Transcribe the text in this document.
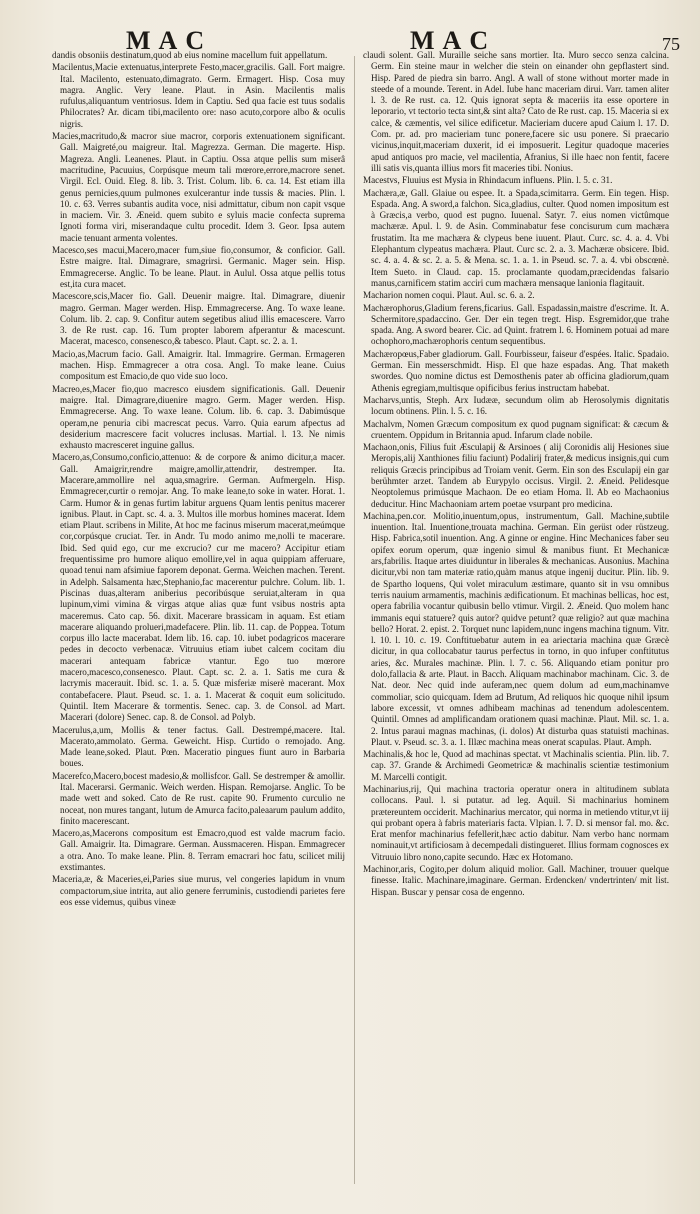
MAC	MAC	75

dandis obsoniis destinatum,quod ab eius nomine macellum fuit appellatum.

Macilentus,Macie extenuatus,interprete Festo,macer,gracilis. Gall. Fort maigre. Ital. Macilento, estenuato,dimagrato. Germ. Ermagert. Hisp. Cosa muy magra. Anglic. Very leane. Plaut. in Asin. Macilentis malis rufulus,aliquantum ventriosus. Idem in Captiu. Sed qua facie est tuus sodalis Philocrates? Ar. dicam tibi,macilento ore: naso acuto,corpore albo & oculis nigris.

Macies,macritudo,& macror siue macror, corporis extenuationem significant. Gall. Maigreté,ou maigreur. Ital. Magrezza. German. Die magerte. Hisp. Magreza. Angli. Leanenes. Plaut. in Captiu. Ossa atque pellis sum miserâ macritudine, Pacuuius, Corpúsque meum tali mœrore,errore,macrore senet. Virgil. Ecl. Ouid. Eleg. 8. lib. 3. Trist. Colum. lib. 6. ca. 14. Est etiam illa genus pernicies,quum pulmones exulcerantur inde tussis & macies. Plin. l. 10. c. 63. Verres subantis audita voce, nisi admittatur, cibum non capit vsque in maciem. Vir. 3. Æneid. quem subito e syluis macie confecta suprema Ignoti forma viri, miserandaque cultu procedit. Idem 3. Geor. Ipsa autem macie tenuant armenta volentes.

Macesco,ses macui,Macero,macer fum,siue fio,consumor, & conficior. Gall. Estre maigre. Ital. Dimagrare, smagrirsi. Germanic. Mager sein. Hisp. Emmagrecerse. Anglic. To be leane. Plaut. in Aulul. Ossa atque pellis totus est,ita cura macet.

Macescore,scis,Macer fio. Gall. Deuenir maigre. Ital. Dimagrare, diuenir magro. German. Mager werden. Hisp. Emmagrecerse. Ang. To waxe leane. Colum. lib. 2. cap. 9. Confitur autem segetibus aliud illis emacescere. Varro 3. de Re rust. cap. 16. Tum propter laborem afperantur & macescunt. Macerat, macesco, consenesco,& tabesco. Plaut. Capt. sc. 2. a. 1.

Macio,as,Macrum facio. Gall. Amaigrir. Ital. Immagrire. German. Ermageren machen. Hisp. Emmagrecer a otra cosa. Angl. To make leane. Cuius compositum est Emacio,de quo vide suo loco.

Macreo,es,Macer fio,quo macresco eiusdem significationis. Gall. Deuenir maigre. Ital. Dimagrare,diuenire magro. Germ. Mager werden. Hisp. Emmagrecerse. Ang. To waxe leane. Colum. lib. 6. cap. 3. Dabimúsque operam,ne penuria cibi macrescat pecus. Varro. Quia earum afpectus ad desiderium macrescere facit volucres inclusas. Martial. l. 13. Ne nimis exhausto macresceret inguine gallus.

Macero,as,Consumo,conficio,attenuo: & de corpore & animo dicitur,a macer. Gall. Amaigrir,rendre maigre,amollir,attendrir, destremper. Ita. Macerare,ammollire nel aqua,smagrire. German. Aufmergeln. Hisp. Emmagrecer,curtir o remojar. Ang. To make leane,to soke in water. Horat. 1. Carm. Humor & in genas furtim labitur arguens Quam lentis penitus macerer ignibus. Plaut. in Capt. sc. 4. a. 3. Multos ille morbus homines macerat. Idem etiam Plaut. scribens in Milite, At hoc me facinus miserum macerat,meúmque cor,corpúsque cruciat. Ter. in Andr. Tu modo animo me,nolli te macerare. Ibid. Sed quid ego, cur me excrucio? cur me macero? Accipitur etiam frequentissime pro humore aliquo emollire,vel in aqua quippiam afferuare, quoad tenui nam afsimiue faporem deponat. Germa. Weichen machen. Terent. in Adelph. Salsamenta hæc,Stephanio,fac macerentur pulchre. Colum. lib. 1. Piscinas duas,alteram aniberius pecoribúsque seruiat,alteram in qua lupinum,vimi vimina & virgas atque alias quæ funt vsibus nostris apta maceremus. Cato cap. 56. dixit. Macerare brassicam in aquam. Est etiam macerare aliquando prolueri,madefacere. Plin. lib. 11. cap. de Poppea. Totum corpus illo lacte macerabat. Idem lib. 16. cap. 10. iubet podagricos macerare pedes in decocto verbenacæ. Vitruuius etiam iubet calcem cocitam diu macerari antequam fabricæ vtantur. Ego tuo mœrore macero,macesco,consenesco. Plaut. Capt. sc. 2. a. 1. Satis me cura & lacrymis macerauit. Ibid. sc. 1. a. 5. Quæ misferiæ miserè macerant. Mox contabefacere. Plaut. Pseud. sc. 1. a. 1. Macerat & coquit eum solicitudo. Quintil. Item Macerare & tormentis. Senec. cap. 3. de Consol. ad Mart. Macerari (dolore) Senec. cap. 8. de Consol. ad Polyb.

Macerulus,a,um, Mollis & tener factus. Gall. Destrempé,macere. Ital. Macerato,ammolato. Germa. Geweicht. Hisp. Curtido o remojado. Ang. Made leane,soked. Plaut. Pœn. Maceratio pingues fiunt auro in Barbaria boues.

Macerefco,Macero,bocest madesio,& mollisfcor. Gall. Se destremper & amollir. Ital. Macerarsi. Germanic. Weich werden. Hispan. Remojarse. Anglic. To be made wett and soked. Cato de Re rust. capite 90. Frumento curculio ne noceat, non mures tangant, lutum de Amurca facito,paleaarum paulum addito, finito macerescant.

Macero,as,Macerons compositum est Emacro,quod est valde macrum facio. Gall. Amaigrir. Ita. Dimagrare. German. Aussmaceren. Hispan. Emmagrecer a otra. Ano. To make leane. Plin. 8. Terram emacrari hoc fatu, scilicet milij exstimantes.

Maceria,æ, & Maceries,ei,Paries siue murus, vel congeries lapidum in vnum compactorum,siue intrita, aut alio genere ferruminis, custodiendi parietes fere eos esse videmus, quibus vineæ

claudi solent. Gall. Muraille seiche sans mortier. Ita. Muro secco senza calcina. Germ. Ein steine maur in welcher die stein on einander ohn gepflastert sind. Hisp. Pared de piedra sin barro. Angl. A wall of stone without morter made in steede of a mounde. Terent. in Adel. Iube hanc maceriam dirui. Varr. tamen aliter l. 3. de Re rust. ca. 12. Quis ignorat septa & maceriis ita esse oportere in leporario, vt tectorio tecta sint,& sint alta? Cato de Re rust. cap. 15. Maceria si ex calce, & cæmentis, vel silice edificetur. Macieriam ducere apud Caium l. 17. D. Com. pr. ad. pro macieriam tunc ponere,facere sic usu ponere. Si praecario vicinus,inquit,maceriam duxerit, id ei imposuerit. Legitur quadoque maceries apud antiquos pro macie, vel macilentia, Afranius, Si ille haec non fentit, facere illi satis vis,quanta illius mors fit maceries tibi. Nonius.

Macestvs, Fluuius est Mysia in Rhindacum influens. Plin. l. 5. c. 31.

Machæra,æ, Gall. Glaiue ou espee. It. a Spada,scimitarra. Germ. Ein tegen. Hisp. Espada. Ang. A sword,a falchon. Sica,gladius, culter. Quod nomen impositum est à Græcis,a verbo, quod est pugno. Iuuenal. Satyr. 7. eius nomen victûmque machæræ. Apul. l. 9. de Asin. Comminabatur fese concisurum cum machæra frustatim. Ita me machæra & clypeus bene iuuent. Plaut. Curc. sc. 4. a. 4. Vbi Elephantum clypeatus machæra. Plaut. Curc sc. 2. a. 3. Machæræ obsicere. Ibid. sc. 4. a. 4. & sc. 2. a. 5. & Mena. sc. 1. a. 1. in Pseud. sc. 7. a. 4. vbi obscœnè. Item Sueto. in Claud. cap. 15. proclamante quodam,præcidendas falsario manus,carnificem statim acciri cum machæra mensaque lanionia flagitauit.

Macharion nomen coqui. Plaut. Aul. sc. 6. a. 2.

Machærophorus,Gladium ferens,ficarius. Gall. Espadassin,maistre d'escrime. It. A. Schermitore,spadaccino. Ger. Der ein tegen tregt. Hisp. Esgremidor,que trahe spada. Ang. A sword bearer. Cic. ad Quint. fratrem l. 6. Hominem potuai ad mare ochophoro,machærophoris centum sequentibus.

Machæropœus,Faber gladiorum. Gall. Fourbisseur, faiseur d'espées. Italic. Spadaio. German. Ein messerschmidt. Hisp. El que haze espadas. Ang. That maketh swordes. Quo nomine dictus est Demosthenis pater ab officina gladiorum,quam Athenis egregiam,multisque opificibus ferius instructam habebat.

Macharvs,untis, Steph. Arx Iudææ, secundum olim ab Herosolymis dignitatis locum obtinens. Plin. l. 5. c. 16.

Machalvm, Nomen Græcum compositum ex quod pugnam significat: & cæcum & cruentem. Oppidum in Britannia apud. Infarum clade nobile.

Machaon,onis, Filius fuit Æsculapij & Arsinoes ( alij Coronidis alij Hesiones siue Meropis,alij Xanthiones filiu faciunt) Podalirij frater,& medicus insignis,qui cum reliquis Græcis principibus ad Troiam venit. Germ. Ein son des Esculapij ein gar berühmter arzet. Tandem ab Eurypylo occisus. Virgil. 2. Æneid. Pelidesque Neoptolemus primúsque Machaon. De eo etiam Homa. Il. Ab eo Machaonius deducitur. Hinc Machaoniam artem poetae vsurpant pro medicina.

Machina,pen.cor. Molitio,inuentum,opus, instrumentum, Gall. Machine,subtile inuention. Ital. Inuentione,trouata machina. German. Ein gerüst oder rüstzeug. Hisp. Fabrica,sotil inuention. Ang. A ginne or engine. Hinc Mechanices faber seu opifex eorum operum, quæ ingenio simul & manibus fiunt. Et Mechanicæ ars,fabrilis. Itaque artes diuiduntur in liberales & mechanicas. Ausonius. Machina dicitur,vbi non tam materiæ ratio,quàm manus atque ingenij ducitur. Plin. lib. 9. de Spartho loquens, Qui volet miraculum æstimare, quanto sit in vsu omnibus terris nauium armamentis, machinis ædificationum. Et machinas bellicas, hoc est, opera fabrilia vocantur quibusin bello vtimur. Virgil. 2. Æneid. Quo molem hanc immanis equi statuere? quis autor? quidve petunt? quæ religio? aut quæ machina bello? Horat. 2. epist. 2. Torquet nunc lapidem,nunc ingens machina tignum. Vitr. l. 10. l. 10. c. 19. Conftituebatur autem in ea ariectaria machina quæ Græcè dicitur, in qua collocabatur taurus perfectus in torno, in quo infuper conftitutus aries, &c. Murales machinæ. Plin. l. 7. c. 56. Aliquando etiam ponitur pro dolo,fallacia & arte. Plaut. in Bacch. Aliquam machinabor machinam. Cic. 3. de Nat. deor. Nec quid inde auferam,nec quem dolum ad eum,machinamve commoliar, scio quicquam. Idem ad Brutum, Ad reliquos hic quoque nihil ipsum labore excessit, vt omnes adhibeam machinas ad tenendum adolescentem. Quintil. Omnes ad amplificandam orationem quasi machinæ. Plaut. Mil. sc. 1. a. 2. Intus paraui magnas machinas, (i. dolos) At disturba quas statuisti machinas. Plaut. v. Pseud. sc. 3. a. 1. Illæc machina meas onerat scapulas. Plaut. Amph.

Machinalis,& hoc le, Quod ad machinas spectat. vt Machinalis scientia. Plin. lib. 7. cap. 37. Grande & Archimedi Geometricæ & machinalis scientiæ testimonium M. Marcelli contigit.

Machinarius,rij, Qui machina tractoria operatur onera in altitudinem sublata collocans. Paul. l. si putatur. ad leg. Aquil. Si machinarius hominem prætereuntem occiderit. Machinarius mercator, qui norma in metiendo vtitur,vt iij qui probant opera à fabris materiaris facta. Vlpian. l. 7. D. si mensor fal. mo. &c. Erat menfor machinarius fefellerit,hæc actio dabitur. Nam verbo hanc normam nominauit,vt artificiosam à decempedali distingueret. Illius formam cognosces ex Vitruuio libro nono,capite secundo. Hæc ex Hotomano.

Machinor,aris, Cogito,per dolum aliquid molior. Gall. Machiner, trouuer quelque finesse. Italic. Machinare,imaginare. German. Erdencken/ vndertrinten/ mit list. Hispan. Buscar y pensar cosa de engenno.
